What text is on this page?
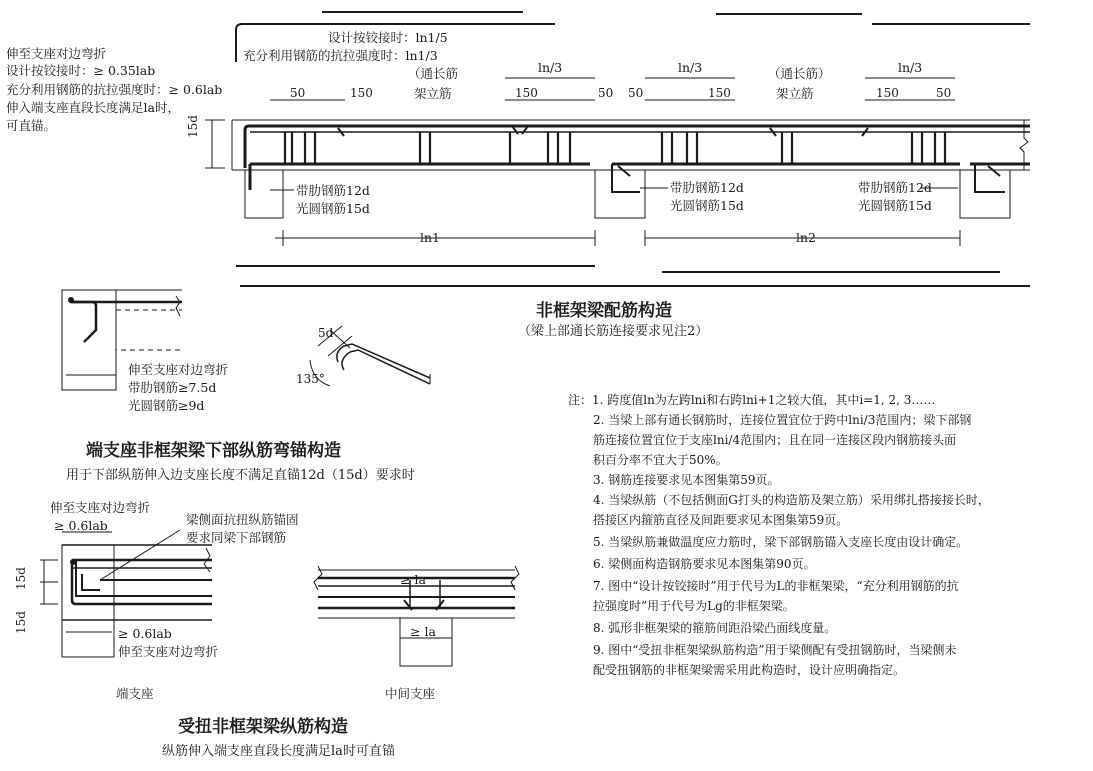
伸至支座对边弯折
设计按铰接时：≥ 0.35lab
充分利用钢筋的抗拉强度时：≥ 0.6lab
伸入端支座直段长度满足la时，
可直锚。
设计按铰接时：ln1/5
充分利用钢筋的抗拉强度时：ln1/3
（通长筋
架立筋
（通长筋）
架立筋
ln/3	ln/3	ln/3
50	150	150	50 50	150	150	50
15d
带肋钢筋12d
光圆钢筋15d
带肋钢筋12d
光圆钢筋15d
带肋钢筋12d
光圆钢筋15d
ln1	ln2
非框架梁配筋构造
（梁上部通长筋连接要求见注2）
伸至支座对边弯折
带肋钢筋≥7.5d
光圆钢筋≥9d
5d
135°
端支座非框架梁下部纵筋弯锚构造
用于下部纵筋伸入边支座长度不满足直锚12d（15d）要求时
伸至支座对边弯折
≥ 0.6lab	梁侧面抗扭纵筋锚固
要求同梁下部钢筋
15d
15d	≥ 0.6lab
伸至支座对边弯折
≥ la
≥ la
端支座	中间支座
受扭非框架梁纵筋构造
纵筋伸入端支座直段长度满足la时可直锚
注：1. 跨度值ln为左跨lni和右跨lni+1之较大值，其中i=1, 2, 3……
2. 当梁上部有通长钢筋时，连接位置宜位于跨中lni/3范围内；梁下部钢
筋连接位置宜位于支座lni/4范围内；且在同一连接区段内钢筋接头面
积百分率不宜大于50%。
3. 钢筋连接要求见本图集第59页。
4. 当梁纵筋（不包括侧面G打头的构造筋及架立筋）采用绑扎搭接接长时，
搭接区内箍筋直径及间距要求见本图集第59页。
5. 当梁纵筋兼做温度应力筋时，梁下部钢筋锚入支座长度由设计确定。
6. 梁侧面构造钢筋要求见本图集第90页。
7. 图中“设计按铰接时”用于代号为L的非框架梁，“充分利用钢筋的抗
拉强度时”用于代号为Lg的非框架梁。
8. 弧形非框架梁的箍筋间距沿梁凸面线度量。
9. 图中“受扭非框架梁纵筋构造”用于梁侧配有受扭钢筋时，当梁侧未
配受扭钢筋的非框架梁需采用此构造时，设计应明确指定。
